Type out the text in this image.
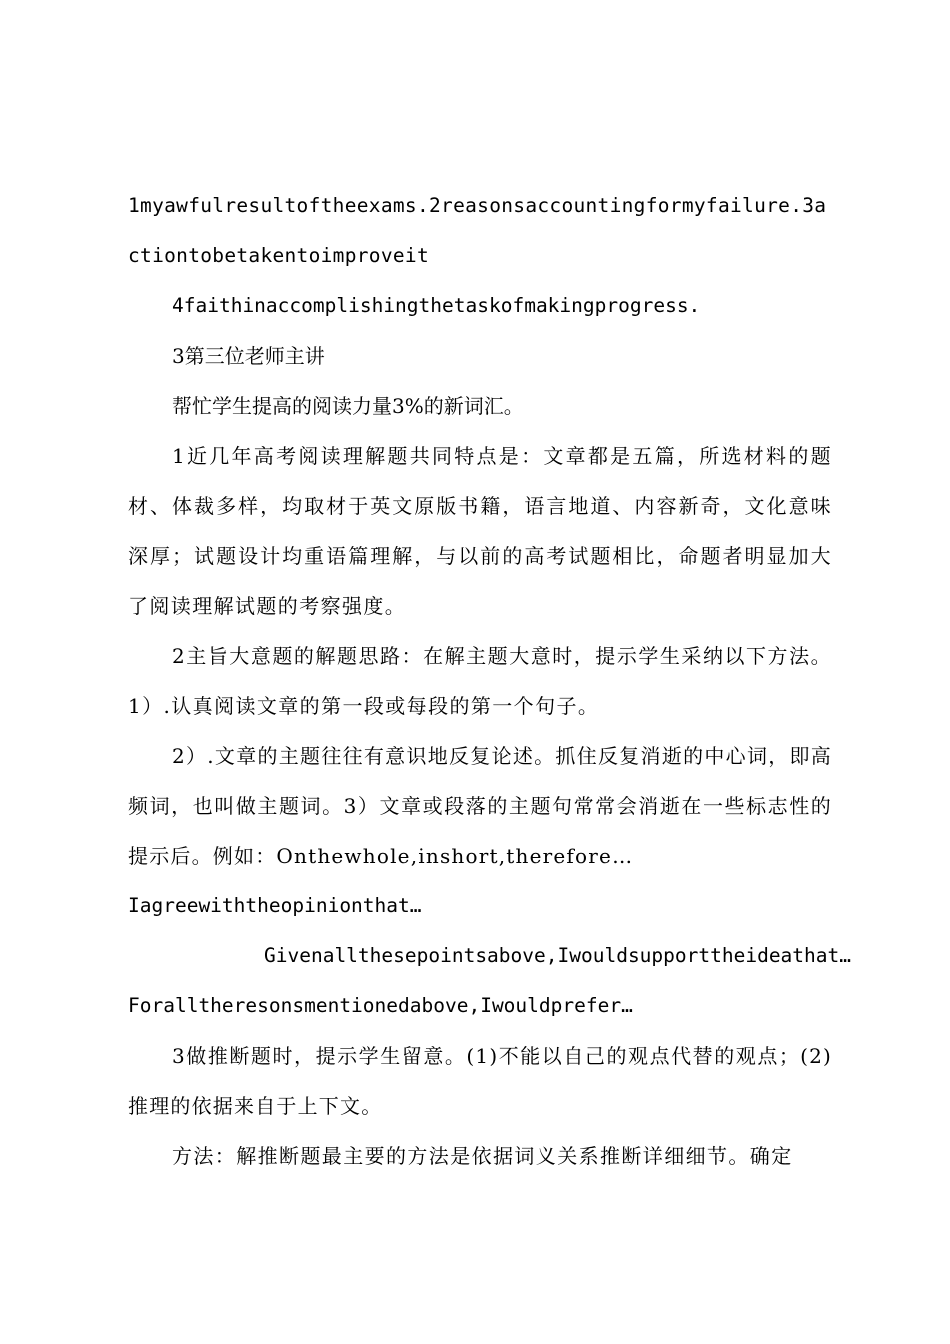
1myawfulresultoftheexams.2reasonsaccountingformyfailure.3actiontobetakentoimproveit

4faithinaccomplishingthetaskofmakingprogress.

3第三位老师主讲

帮忙学生提高的阅读力量3%的新词汇。

1近几年高考阅读理解题共同特点是：文章都是五篇，所选材料的题材、体裁多样，均取材于英文原版书籍，语言地道、内容新奇，文化意味深厚；试题设计均重语篇理解，与以前的高考试题相比，命题者明显加大了阅读理解试题的考察强度。

2主旨大意题的解题思路：在解主题大意时，提示学生采纳以下方法。1）.认真阅读文章的第一段或每段的第一个句子。

2）.文章的主题往往有意识地反复论述。抓住反复消逝的中心词，即高频词，也叫做主题词。3）文章或段落的主题句常常会消逝在一些标志性的提示后。例如：Onthewhole,inshort,therefore…

Iagreewiththeopinionthat…

Givenallthesepointsabove,Iwouldsupporttheideathat…

Foralltheresonsmentionedabove,Iwouldprefer…

3做推断题时，提示学生留意。(1)不能以自己的观点代替的观点；(2)推理的依据来自于上下文。

方法：解推断题最主要的方法是依据词义关系推断详细细节。确定
